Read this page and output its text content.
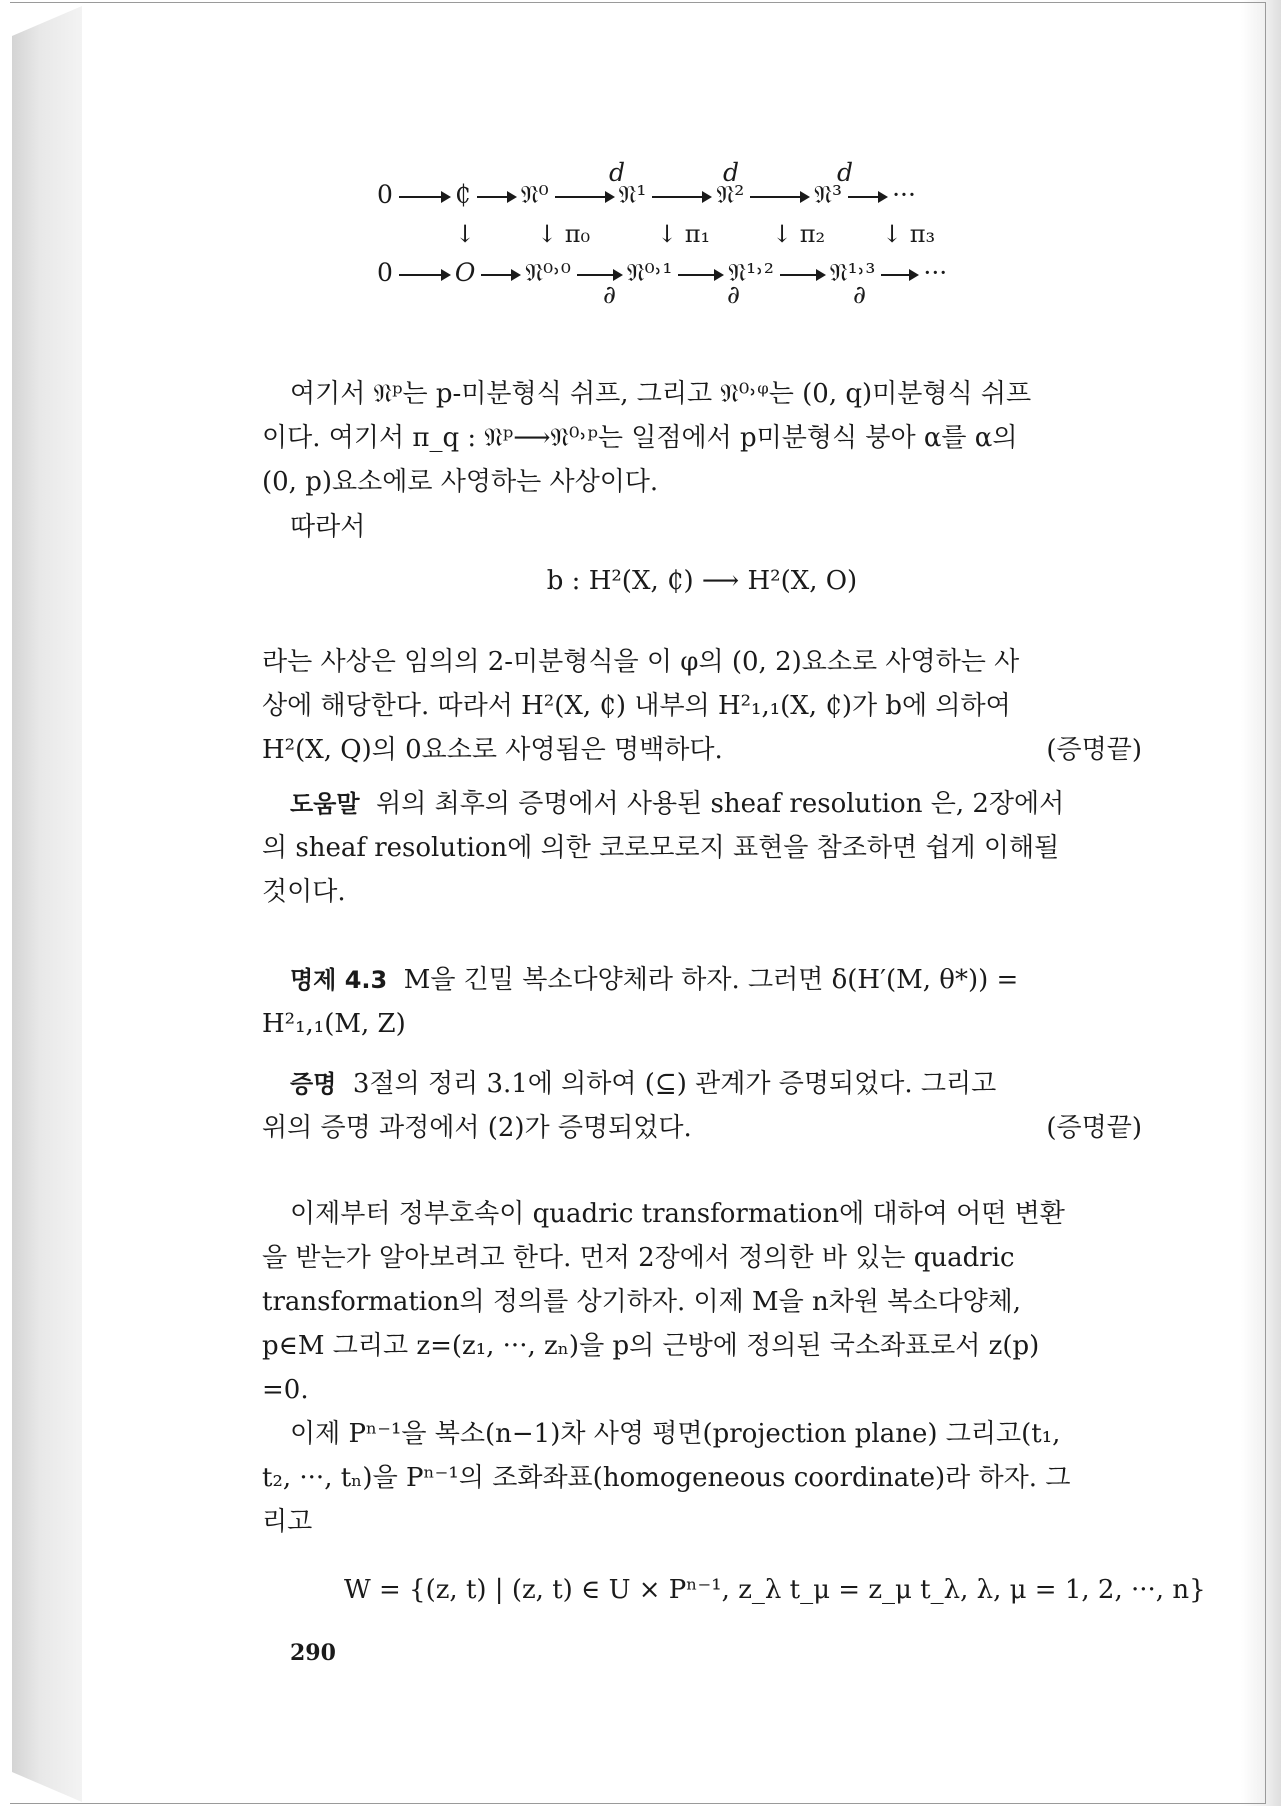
0 ₵ 𝔑⁰	𝔑¹	𝔑²	𝔑³ ···
d	d	d
↓	↓ π₀	↓ π₁	↓ π₂ ↓ π₃
0 O 𝔑⁰˒⁰ 𝔑⁰˒¹ 𝔑¹˒² 𝔑¹˒³ ···
∂	∂	∂
여기서 𝔑ᵖ는 p-미분형식 쉬프, 그리고 𝔑⁰˒ᵠ는 (0, q)미분형식 쉬프
이다. 여기서 π_q : 𝔑ᵖ⟶𝔑⁰˒ᵖ는 일점에서 p미분형식 붕아 α를 α의
(0, p)요소에로 사영하는 사상이다.
따라서
b : H²(X, ₵) ⟶ H²(X, O)
라는 사상은 임의의 2-미분형식을 이 φ의 (0, 2)요소로 사영하는 사
상에 해당한다. 따라서 H²(X, ₵) 내부의 H²₁,₁(X, ₵)가 b에 의하여
H²(X, Q)의 0요소로 사영됨은 명백하다.	(증명끝)
도움말 위의 최후의 증명에서 사용된 sheaf resolution 은, 2장에서
의 sheaf resolution에 의한 코로모로지 표현을 참조하면 쉽게 이해될
것이다.
명제 4.3 M을 긴밀 복소다양체라 하자. 그러면 δ(H′(M, θ*)) =
H²₁,₁(M, Z)
증명 3절의 정리 3.1에 의하여 (⊆) 관계가 증명되었다. 그리고
위의 증명 과정에서 (2)가 증명되었다.	(증명끝)
이제부터 정부호속이 quadric transformation에 대하여 어떤 변환
을 받는가 알아보려고 한다. 먼저 2장에서 정의한 바 있는 quadric
transformation의 정의를 상기하자. 이제 M을 n차원 복소다양체,
p∈M 그리고 z=(z₁, ···, zₙ)을 p의 근방에 정의된 국소좌표로서 z(p)
=0.
이제 Pⁿ⁻¹을 복소(n−1)차 사영 평면(projection plane) 그리고(t₁,
t₂, ···, tₙ)을 Pⁿ⁻¹의 조화좌표(homogeneous coordinate)라 하자. 그
리고
W = {(z, t) | (z, t) ∈ U × Pⁿ⁻¹, z_λ t_μ = z_μ t_λ, λ, μ = 1, 2, ···, n}
290
